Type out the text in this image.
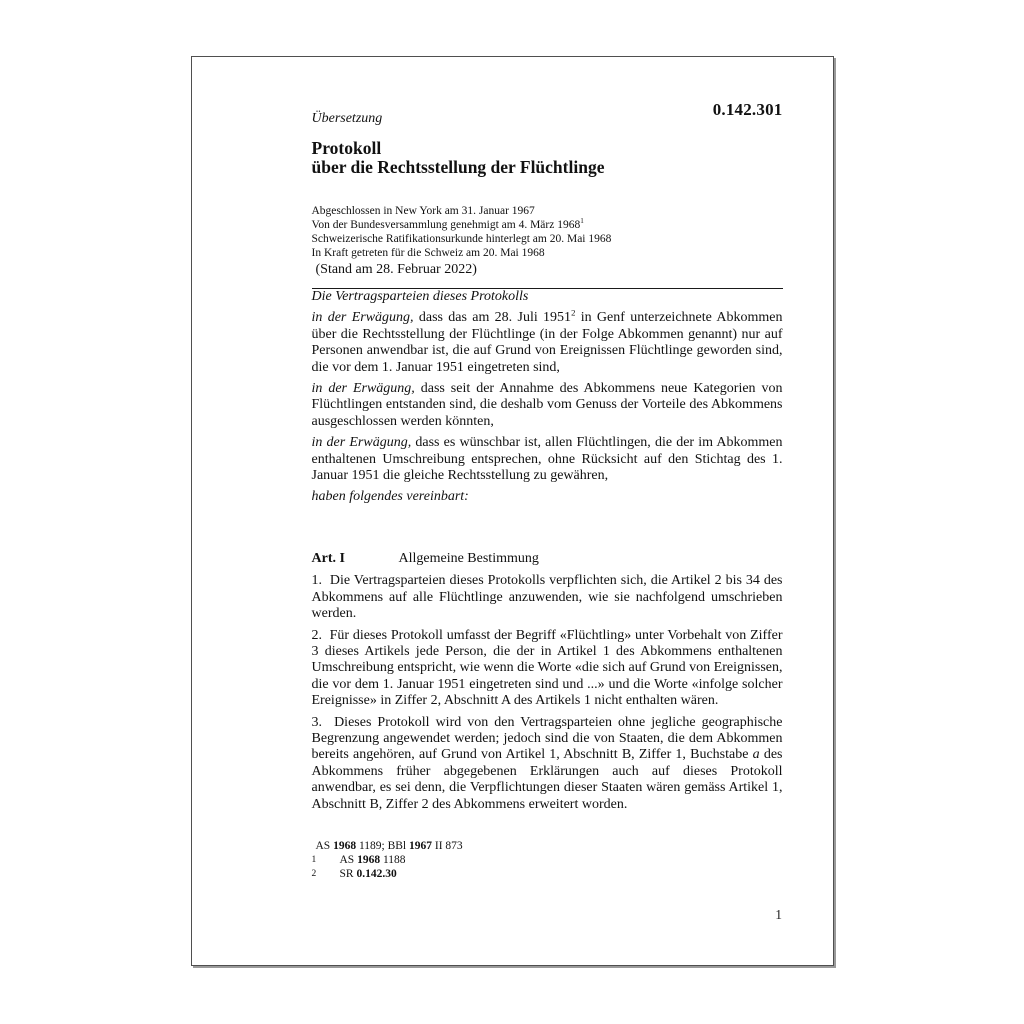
Übersetzung	0.142.301
Protokoll
über die Rechtsstellung der Flüchtlinge
Abgeschlossen in New York am 31. Januar 1967
Von der Bundesversammlung genehmigt am 4. März 1968$^1$
Schweizerische Ratifikationsurkunde hinterlegt am 20. Mai 1968
In Kraft getreten für die Schweiz am 20. Mai 1968
(Stand am 28. Februar 2022)

Die Vertragsparteien dieses Protokolls

in der Erwägung, dass das am 28. Juli 1951$^2$ in Genf unterzeichnete Abkommen über die Rechtsstellung der Flüchtlinge (in der Folge Abkommen genannt) nur auf Personen anwendbar ist, die auf Grund von Ereignissen Flüchtlinge geworden sind, die vor dem 1. Januar 1951 eingetreten sind,

in der Erwägung, dass seit der Annahme des Abkommens neue Kategorien von Flüchtlingen entstanden sind, die deshalb vom Genuss der Vorteile des Abkommens ausgeschlossen werden könnten,

in der Erwägung, dass es wünschbar ist, allen Flüchtlingen, die der im Abkommen enthaltenen Umschreibung entsprechen, ohne Rücksicht auf den Stichtag des 1. Januar 1951 die gleiche Rechtsstellung zu gewähren,

haben folgendes vereinbart:

Art. I	Allgemeine Bestimmung

1.  Die Vertragsparteien dieses Protokolls verpflichten sich, die Artikel 2 bis 34 des Abkommens auf alle Flüchtlinge anzuwenden, wie sie nachfolgend umschrieben werden.

2.  Für dieses Protokoll umfasst der Begriff «Flüchtling» unter Vorbehalt von Ziffer 3 dieses Artikels jede Person, die der in Artikel 1 des Abkommens enthaltenen Umschreibung entspricht, wie wenn die Worte «die sich auf Grund von Ereignissen, die vor dem 1. Januar 1951 eingetreten sind und ...» und die Worte «infolge solcher Ereignisse» in Ziffer 2, Abschnitt A des Artikels 1 nicht enthalten wären.

3.  Dieses Protokoll wird von den Vertragsparteien ohne jegliche geographische Begrenzung angewendet werden; jedoch sind die von Staaten, die dem Abkommen bereits angehören, auf Grund von Artikel 1, Abschnitt B, Ziffer 1, Buchstabe a des Abkommens früher abgegebenen Erklärungen auch auf dieses Protokoll anwendbar, es sei denn, die Verpflichtungen dieser Staaten wären gemäss Artikel 1, Abschnitt B, Ziffer 2 des Abkommens erweitert worden.

AS 1968 1189; BBl 1967 II 873
1	AS 1968 1188
2	SR 0.142.30
1
